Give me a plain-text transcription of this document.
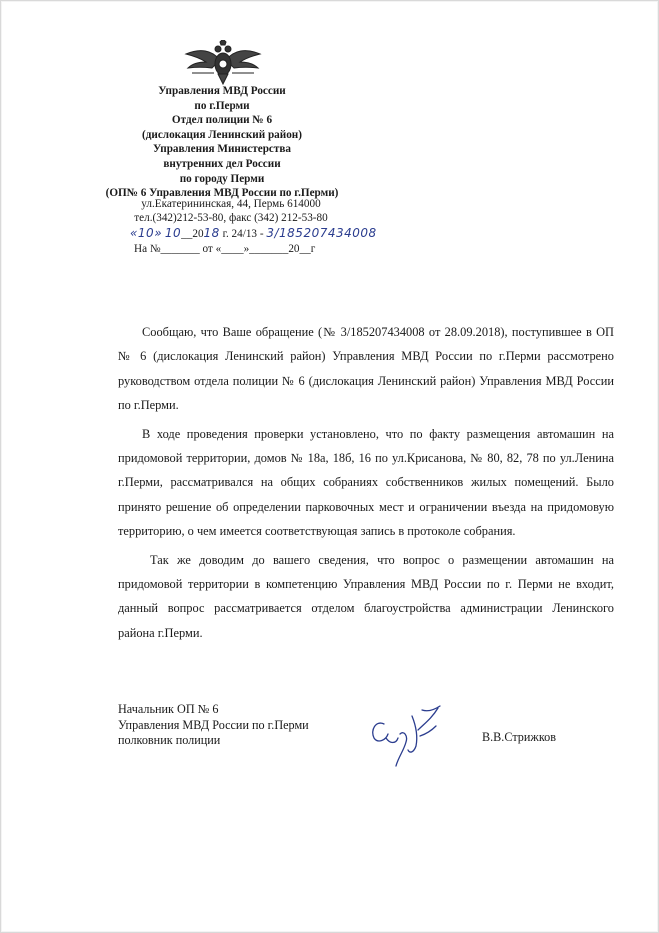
Управления МВД России
по г.Перми
Отдел полиции № 6
(дислокация Ленинский район)
Управления Министерства
внутренних дел России
по городу Перми
(ОП№ 6 Управления МВД России по г.Перми)
ул.Екатерининская, 44, Пермь 614000
тел.(342)212-53-80, факс (342) 212-53-80
«10» 10__2018 г. 24/13 - 3/185207434008
На №_______ от «____»_______20__г

Сообщаю, что Ваше обращение (№ 3/185207434008 от 28.09.2018), поступившее в ОП № 6 (дислокация Ленинский район) Управления МВД России по г.Перми рассмотрено руководством отдела полиции № 6 (дислокация Ленинский район) Управления МВД России по г.Перми.

В ходе проведения проверки установлено, что по факту размещения автомашин на придомовой территории, домов № 18а, 18б, 16 по ул.Крисанова, № 80, 82, 78 по ул.Ленина г.Перми, рассматривался на общих собраниях собственников жилых помещений. Было принято решение об определении парковочных мест и ограничении въезда на придомовую территорию, о чем имеется соответствующая запись в протоколе собрания.

Так же доводим до вашего сведения, что вопрос о размещении автомашин на придомовой территории в компетенцию Управления МВД России по г. Перми не входит, данный вопрос рассматривается отделом благоустройства администрации Ленинского района г.Перми.

Начальник ОП № 6
Управления МВД России по г.Перми
полковник полиции	В.В.Стрижков
